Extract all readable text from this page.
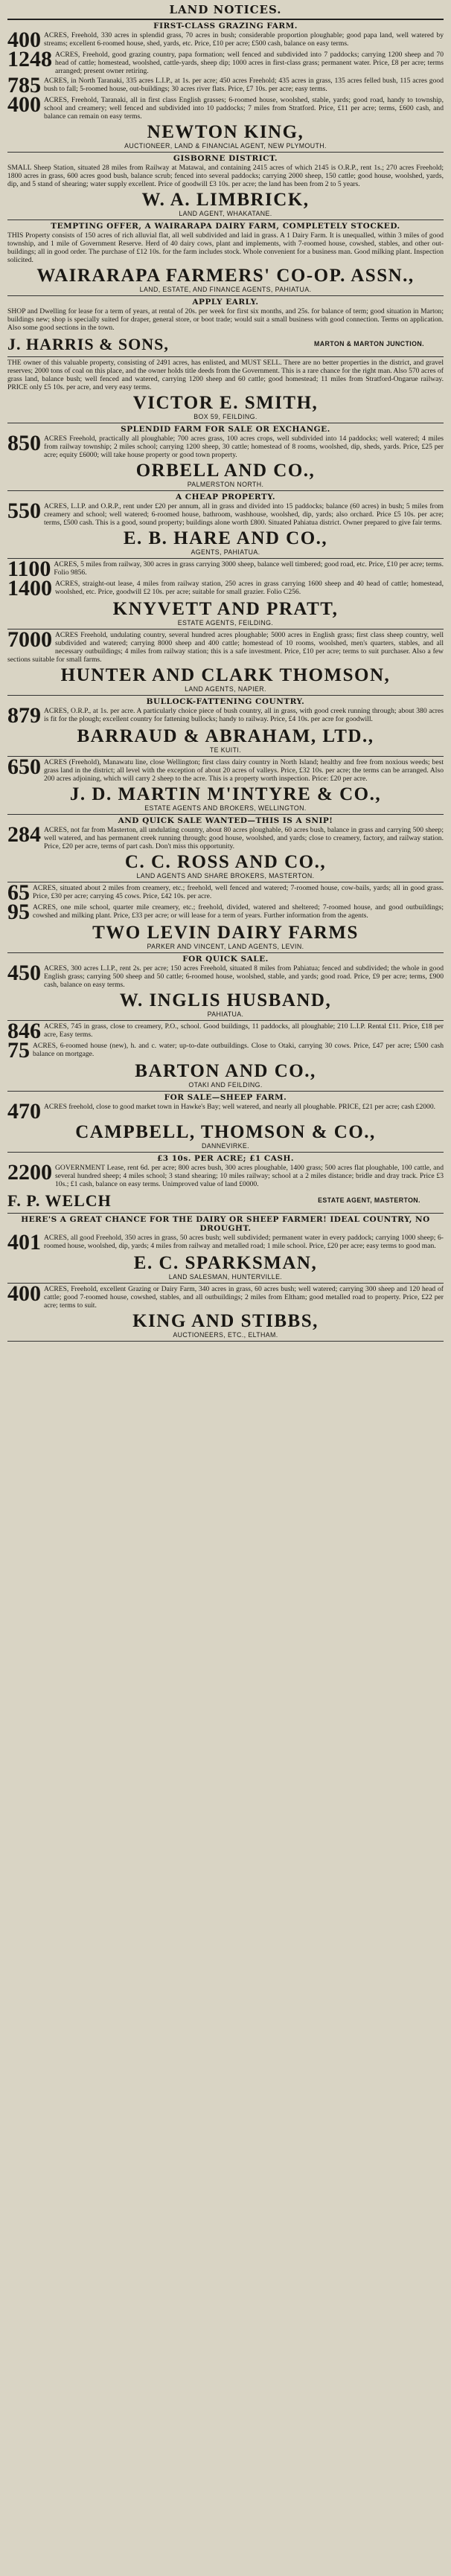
LAND NOTICES.
FIRST-CLASS GRAZING FARM.
400 ACRES, Freehold, 330 acres in splendid grass, 70 acres in bush; considerable proportion ploughable; good papa land, well watered by streams; excellent 6-roomed house, shed, yards, etc. Price, £10 per acre; £500 cash, balance on easy terms.
1248 ACRES, Freehold, good grazing country, papa formation; well fenced and subdivided into 7 paddocks; carrying 1200 sheep and 70 head of cattle; homestead, woolshed, cattle-yards, sheep dip; 1000 acres in first-class grass; permanent water. Price, £8 per acre; terms arranged; present owner retiring.
785 ACRES, in North Taranaki, 335 acres L.I.P., at 1s. per acre; 450 acres Freehold; 435 acres in grass, 135 acres felled bush, 115 acres good bush to fall; 5-roomed house, out-buildings; 30 acres river flats. Price, £7 10s. per acre; easy terms.
400 ACRES, Freehold, Taranaki, all in first class English grasses; 6-roomed house, woolshed, stable, yards; good road, handy to township, school and creamery; well fenced and subdivided into 10 paddocks; 7 miles from Stratford. Price, £11 per acre; terms, £600 cash, and balance can remain on easy terms.
NEWTON KING,
AUCTIONEER, LAND & FINANCIAL AGENT, NEW PLYMOUTH.
GISBORNE DISTRICT.
SMALL Sheep Station, situated 28 miles from Railway at Matawai, and containing 2415 acres of which 2145 is O.R.P., rent 1s.; 270 acres Freehold; 1800 acres in grass, 600 acres good bush, balance scrub; fenced into several paddocks; carrying 2000 sheep, 150 cattle; good house, woolshed, yards, dip, and 5 stand of shearing; water supply excellent. Price of goodwill £3 10s. per acre; the land has been from 2 to 5 years.
W. A. LIMBRICK,
LAND AGENT, WHAKATANE.
TEMPTING OFFER, A WAIRARAPA DAIRY FARM, COMPLETELY STOCKED.
THIS Property consists of 150 acres of rich alluvial flat, all well subdivided and laid in grass. A 1 Dairy Farm. It is unequalled, within 3 miles of good township, and 1 mile of Government Reserve. Herd of 40 dairy cows, plant and implements, with 7-roomed house, cowshed, stables, and other out-buildings; all in good order. The purchase of £12 10s. for the farm includes stock. Whole convenient for a business man. Good milking plant. Inspection solicited.
WAIRARAPA FARMERS' CO-OP. ASSN.,
LAND, ESTATE, AND FINANCE AGENTS, PAHIATUA.
APPLY EARLY.
SHOP and Dwelling for lease for a term of years, at rental of 20s. per week for first six months, and 25s. for balance of term; good situation in Marton; buildings new; shop is specially suited for draper, general store, or boot trade; would suit a small business with good connection. Terms on application. Also some good sections in the town.
J. HARRIS & SONS,	MARTON & MARTON JUNCTION.
THE owner of this valuable property, consisting of 2491 acres, has enlisted, and MUST SELL. There are no better properties in the district, and gravel reserves; 2000 tons of coal on this place, and the owner holds title deeds from the Government. This is a rare chance for the right man. Also 570 acres of grass land, balance bush; well fenced and watered, carrying 1200 sheep and 60 cattle; good homestead; 11 miles from Stratford-Ongarue railway. PRICE only £5 10s. per acre, and very easy terms.
VICTOR E. SMITH,
BOX 59, FEILDING.
SPLENDID FARM FOR SALE OR EXCHANGE.
850 ACRES Freehold, practically all ploughable; 700 acres grass, 100 acres crops, well subdivided into 14 paddocks; well watered; 4 miles from railway township; 2 miles school; carrying 1200 sheep, 30 cattle; homestead of 8 rooms, woolshed, dip, sheds, yards. Price, £25 per acre; equity £6000; will take house property or good town property.
ORBELL AND CO.,
PALMERSTON NORTH.
A CHEAP PROPERTY.
550 ACRES, L.I.P. and O.R.P., rent under £20 per annum, all in grass and divided into 15 paddocks; balance (60 acres) in bush; 5 miles from creamery and school; well watered; 6-roomed house, bathroom, washhouse, woolshed, dip, yards; also orchard. Price £5 10s. per acre; terms, £500 cash. This is a good, sound property; buildings alone worth £800. Situated Pahiatua district. Owner prepared to give fair terms.
E. B. HARE AND CO.,
AGENTS, PAHIATUA.
1100 ACRES, 5 miles from railway, 300 acres in grass carrying 3000 sheep, balance well timbered; good road, etc. Price, £10 per acre; terms. Folio 9856.
1400 ACRES, straight-out lease, 4 miles from railway station, 250 acres in grass carrying 1600 sheep and 40 head of cattle; homestead, woolshed, etc. Price, goodwill £2 10s. per acre; suitable for small grazier. Folio C256.
KNYVETT AND PRATT,
ESTATE AGENTS, FEILDING.
7000 ACRES Freehold, undulating country, several hundred acres ploughable; 5000 acres in English grass; first class sheep country, well subdivided and watered; carrying 8000 sheep and 400 cattle; homestead of 10 rooms, woolshed, men's quarters, stables, and all necessary outbuildings; 4 miles from railway station; this is a safe investment. Price, £10 per acre; terms to suit purchaser. Also a few sections suitable for small farms.
HUNTER AND CLARK THOMSON,
LAND AGENTS, NAPIER.
BULLOCK-FATTENING COUNTRY.
879 ACRES, O.R.P., at 1s. per acre. A particularly choice piece of bush country, all in grass, with good creek running through; about 380 acres is fit for the plough; excellent country for fattening bullocks; handy to railway. Price, £4 10s. per acre for goodwill.
BARRAUD & ABRAHAM, LTD.,
TE KUITI.
650 ACRES (Freehold), Manawatu line, close Wellington; first class dairy country in North Island; healthy and free from noxious weeds; best grass land in the district; all level with the exception of about 20 acres of valleys. Price, £32 10s. per acre; the terms can be arranged. Also 200 acres adjoining, which will carry 2 sheep to the acre. This is a property worth inspection. Price: £20 per acre.
J. D. MARTIN M'INTYRE & CO.,
ESTATE AGENTS AND BROKERS, WELLINGTON.
AND QUICK SALE WANTED—THIS IS A SNIP!
284 ACRES, not far from Masterton, all undulating country, about 80 acres ploughable, 60 acres bush, balance in grass and carrying 500 sheep; well watered, and has permanent creek running through; good house, woolshed, and yards; close to creamery, factory, and railway station. Price, £20 per acre, terms of part cash. Don't miss this opportunity.
C. C. ROSS AND CO.,
LAND AGENTS AND SHARE BROKERS, MASTERTON.
65 ACRES, situated about 2 miles from creamery, etc.; freehold, well fenced and watered; 7-roomed house, cow-bails, yards; all in good grass. Price, £30 per acre; carrying 45 cows. Price, £42 10s. per acre.
95 ACRES, one mile school, quarter mile creamery, etc.; freehold, divided, watered and sheltered; 7-roomed house, and good outbuildings; cowshed and milking plant. Price, £33 per acre; or will lease for a term of years. Further information from the agents.
TWO LEVIN DAIRY FARMS
PARKER AND VINCENT, LAND AGENTS, LEVIN.
FOR QUICK SALE.
450 ACRES, 300 acres L.I.P., rent 2s. per acre; 150 acres Freehold, situated 8 miles from Pahiatua; fenced and subdivided; the whole in good English grass; carrying 500 sheep and 50 cattle; 6-roomed house, woolshed, stable, and yards; good road. Price, £9 per acre; terms, £900 cash, balance on easy terms.
W. INGLIS HUSBAND,
PAHIATUA.
846 ACRES, 745 in grass, close to creamery, P.O., school. Good buildings, 11 paddocks, all ploughable; 210 L.I.P. Rental £11. Price, £18 per acre, Easy terms.
75 ACRES, 6-roomed house (new), h. and c. water; up-to-date outbuildings. Close to Otaki, carrying 30 cows. Price, £47 per acre; £500 cash balance on mortgage.
BARTON AND CO.,
OTAKI AND FEILDING.
FOR SALE—SHEEP FARM.
470 ACRES freehold, close to good market town in Hawke's Bay; well watered, and nearly all ploughable. PRICE, £21 per acre; cash £2000.
CAMPBELL, THOMSON & CO.,
DANNEVIRKE.
£3 10s. PER ACRE; £1 CASH.
2200 GOVERNMENT Lease, rent 6d. per acre; 800 acres bush, 300 acres ploughable, 1400 grass; 500 acres flat ploughable, 100 cattle, and several hundred sheep; 4 miles school; 3 stand shearing; 10 miles railway; school at a 2 miles distance; bridle and dray track. Price £3 10s.; £1 cash, balance on easy terms. Unimproved value of land £0000.
F. P. WELCH	ESTATE AGENT, MASTERTON.
HERE'S A GREAT CHANCE FOR THE DAIRY OR SHEEP FARMER! IDEAL COUNTRY, NO DROUGHT.
401 ACRES, all good Freehold, 350 acres in grass, 50 acres bush; well subdivided; permanent water in every paddock; carrying 1000 sheep; 6-roomed house, woolshed, dip, yards; 4 miles from railway and metalled road; 1 mile school. Price, £20 per acre; easy terms to good man.
E. C. SPARKSMAN,
LAND SALESMAN, HUNTERVILLE.
400 ACRES, Freehold, excellent Grazing or Dairy Farm, 340 acres in grass, 60 acres bush; well watered; carrying 300 sheep and 120 head of cattle; good 7-roomed house, cowshed, stables, and all outbuildings; 2 miles from Eltham; good metalled road to property. Price, £22 per acre; terms to suit.
KING AND STIBBS,
AUCTIONEERS, ETC., ELTHAM.
